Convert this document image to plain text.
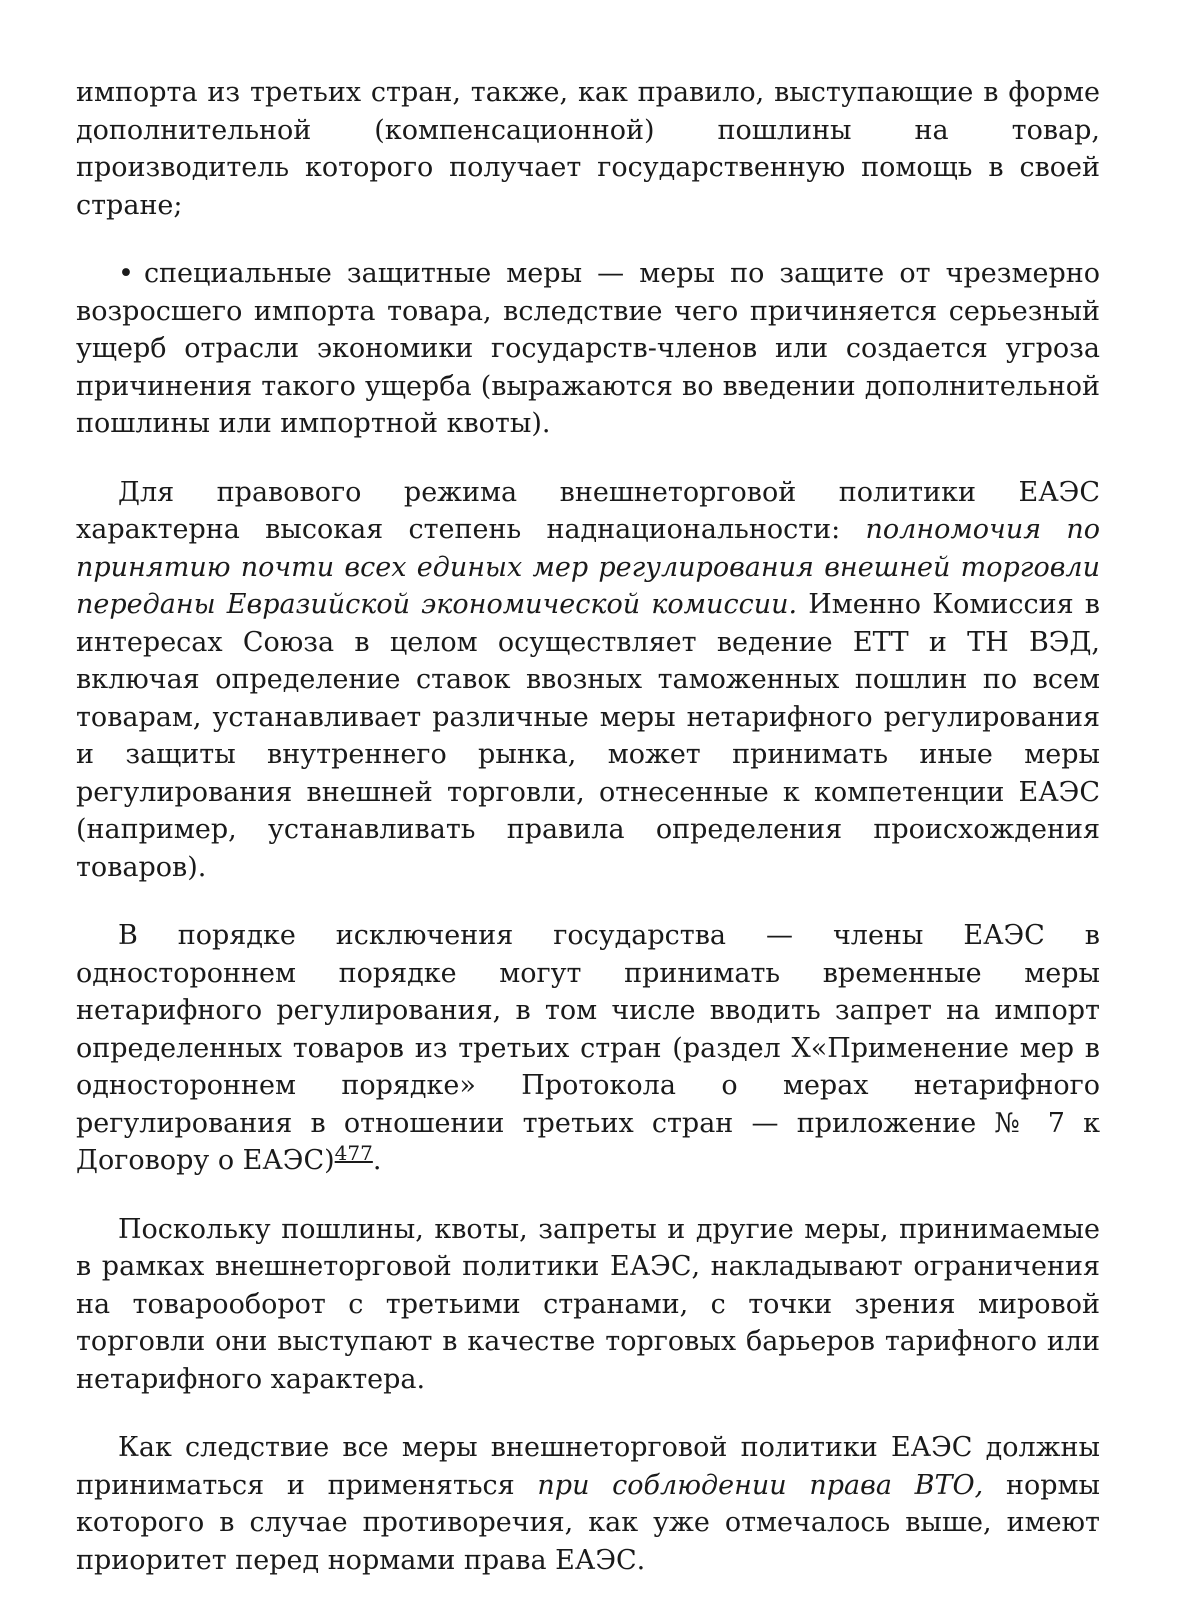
импорта из третьих стран, также, как правило, выступающие в форме дополнительной (компенсационной) пошлины на товар, производитель которого получает государственную помощь в своей стране;

• специальные защитные меры — меры по защите от чрезмерно возросшего импорта товара, вследствие чего причиняется серьезный ущерб отрасли экономики государств-членов или создается угроза причинения такого ущерба (выражаются во введении дополнительной пошлины или импортной квоты).

Для правового режима внешнеторговой политики ЕАЭС характерна высокая степень наднациональности: полномочия по принятию почти всех единых мер регулирования внешней торговли переданы Евразийской экономической комиссии. Именно Комиссия в интересах Союза в целом осуществляет ведение ЕТТ и ТН ВЭД, включая определение ставок ввозных таможенных пошлин по всем товарам, устанавливает различные меры нетарифного регулирования и защиты внутреннего рынка, может принимать иные меры регулирования внешней торговли, отнесенные к компетенции ЕАЭС (например, устанавливать правила определения происхождения товаров).

В порядке исключения государства — члены ЕАЭС в одностороннем порядке могут принимать временные меры нетарифного регулирования, в том числе вводить запрет на импорт определенных товаров из третьих стран (раздел X«Применение мер в одностороннем порядке» Протокола о мерах нетарифного регулирования в отношении третьих стран — приложение № 7 к Договору о ЕАЭС)$^{477}$.

Поскольку пошлины, квоты, запреты и другие меры, принимаемые в рамках внешнеторговой политики ЕАЭС, накладывают ограничения на товарооборот с третьими странами, с точки зрения мировой торговли они выступают в качестве торговых барьеров тарифного или нетарифного характера.

Как следствие все меры внешнеторговой политики ЕАЭС должны приниматься и применяться при соблюдении права ВТО, нормы которого в случае противоречия, как уже отмечалось выше, имеют приоритет перед нормами права ЕАЭС.
